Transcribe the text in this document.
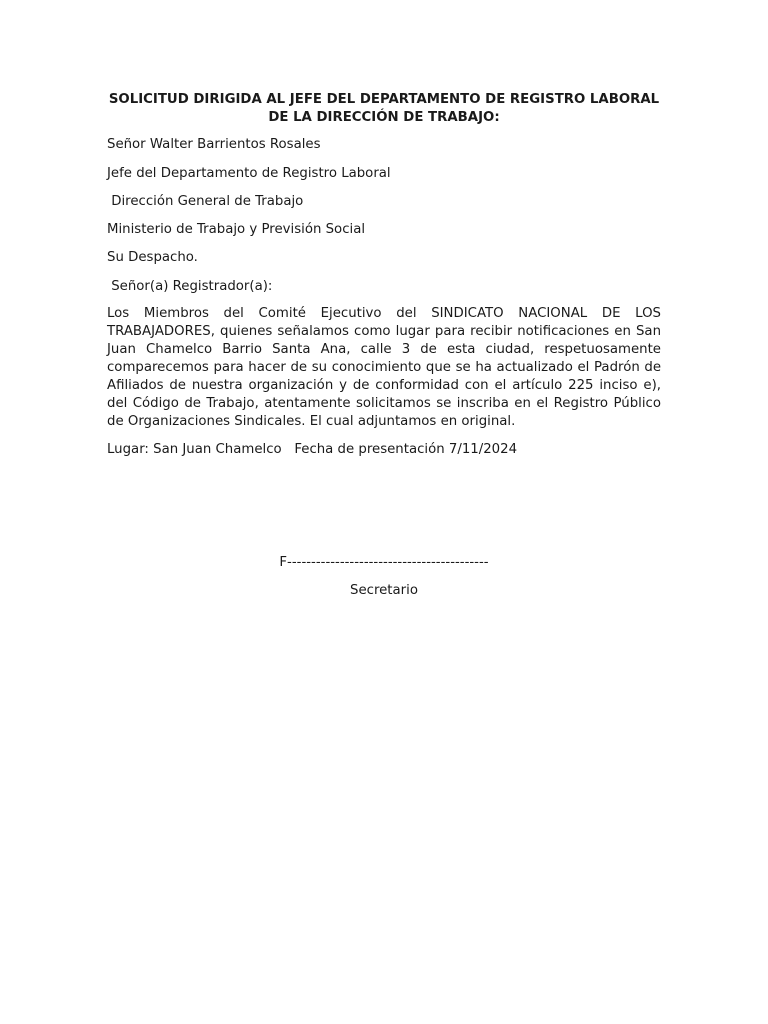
SOLICITUD DIRIGIDA AL JEFE DEL DEPARTAMENTO DE REGISTRO LABORAL DE LA DIRECCIÓN DE TRABAJO:

Señor Walter Barrientos Rosales

Jefe del Departamento de Registro Laboral

Dirección General de Trabajo

Ministerio de Trabajo y Previsión Social

Su Despacho.

Señor(a) Registrador(a):

Los Miembros del Comité Ejecutivo del SINDICATO NACIONAL DE LOS TRABAJADORES, quienes señalamos como lugar para recibir notificaciones en San Juan Chamelco Barrio Santa Ana, calle 3 de esta ciudad, respetuosamente comparecemos para hacer de su conocimiento que se ha actualizado el Padrón de Afiliados de nuestra organización y de conformidad con el artículo 225 inciso e), del Código de Trabajo, atentamente solicitamos se inscriba en el Registro Público de Organizaciones Sindicales. El cual adjuntamos en original.

Lugar: San Juan Chamelco   Fecha de presentación 7/11/2024

F------------------------------------------

Secretario
